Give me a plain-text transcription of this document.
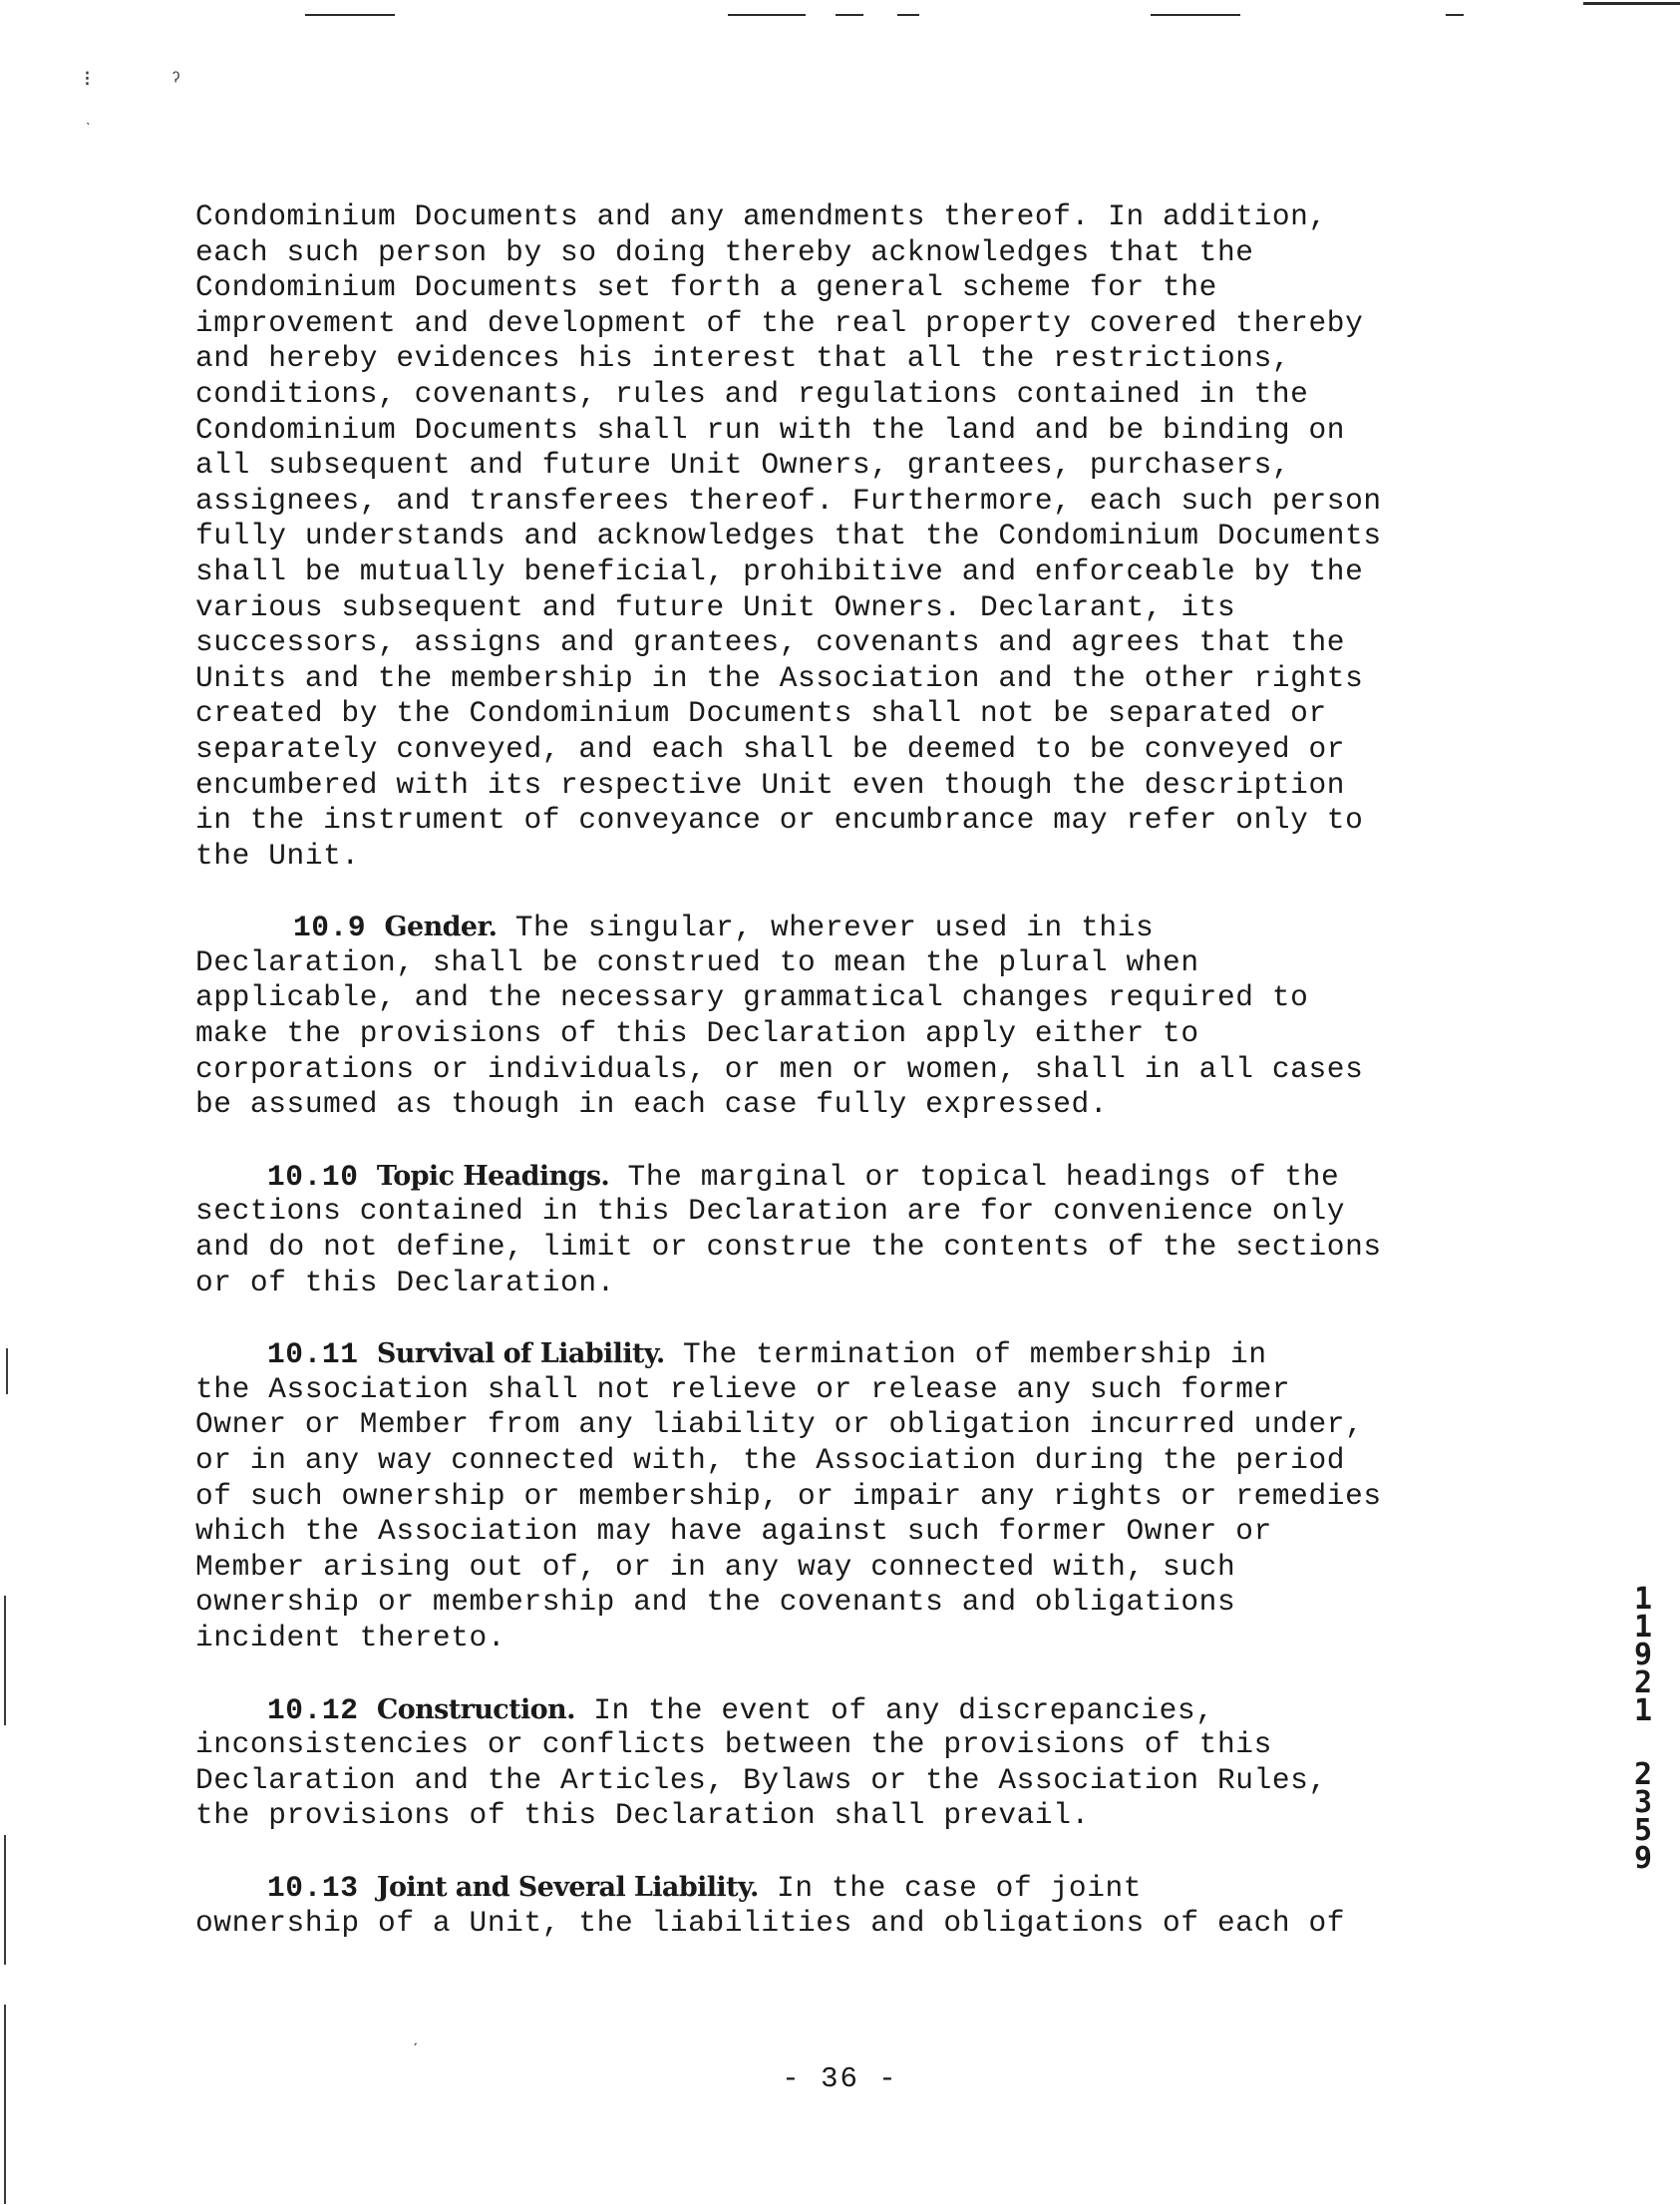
⁝	ˀ
ˎ
Condominium Documents and any amendments thereof. In addition,
each such person by so doing thereby acknowledges that the
Condominium Documents set forth a general scheme for the
improvement and development of the real property covered thereby
and hereby evidences his interest that all the restrictions,
conditions, covenants, rules and regulations contained in the
Condominium Documents shall run with the land and be binding on
all subsequent and future Unit Owners, grantees, purchasers,
assignees, and transferees thereof. Furthermore, each such person
fully understands and acknowledges that the Condominium Documents
shall be mutually beneficial, prohibitive and enforceable by the
various subsequent and future Unit Owners. Declarant, its
successors, assigns and grantees, covenants and agrees that the
Units and the membership in the Association and the other rights
created by the Condominium Documents shall not be separated or
separately conveyed, and each shall be deemed to be conveyed or
encumbered with its respective Unit even though the description
in the instrument of conveyance or encumbrance may refer only to
the Unit.
10.9 Gender. The singular, wherever used in this
Declaration, shall be construed to mean the plural when
applicable, and the necessary grammatical changes required to
make the provisions of this Declaration apply either to
corporations or individuals, or men or women, shall in all cases
be assumed as though in each case fully expressed.
10.10 Topic Headings. The marginal or topical headings of the
sections contained in this Declaration are for convenience only
and do not define, limit or construe the contents of the sections
or of this Declaration.
10.11 Survival of Liability. The termination of membership in
the Association shall not relieve or release any such former
Owner or Member from any liability or obligation incurred under,
or in any way connected with, the Association during the period
of such ownership or membership, or impair any rights or remedies
which the Association may have against such former Owner or
Member arising out of, or in any way connected with, such
ownership or membership and the covenants and obligations
incident thereto.
10.12 Construction. In the event of any discrepancies,
inconsistencies or conflicts between the provisions of this
Declaration and the Articles, Bylaws or the Association Rules,
the provisions of this Declaration shall prevail.
10.13 Joint and Several Liability. In the case of joint
ownership of a Unit, the liabilities and obligations of each of
1
1
9
2
1
2
3
5
9
- 36 -
ˏ
